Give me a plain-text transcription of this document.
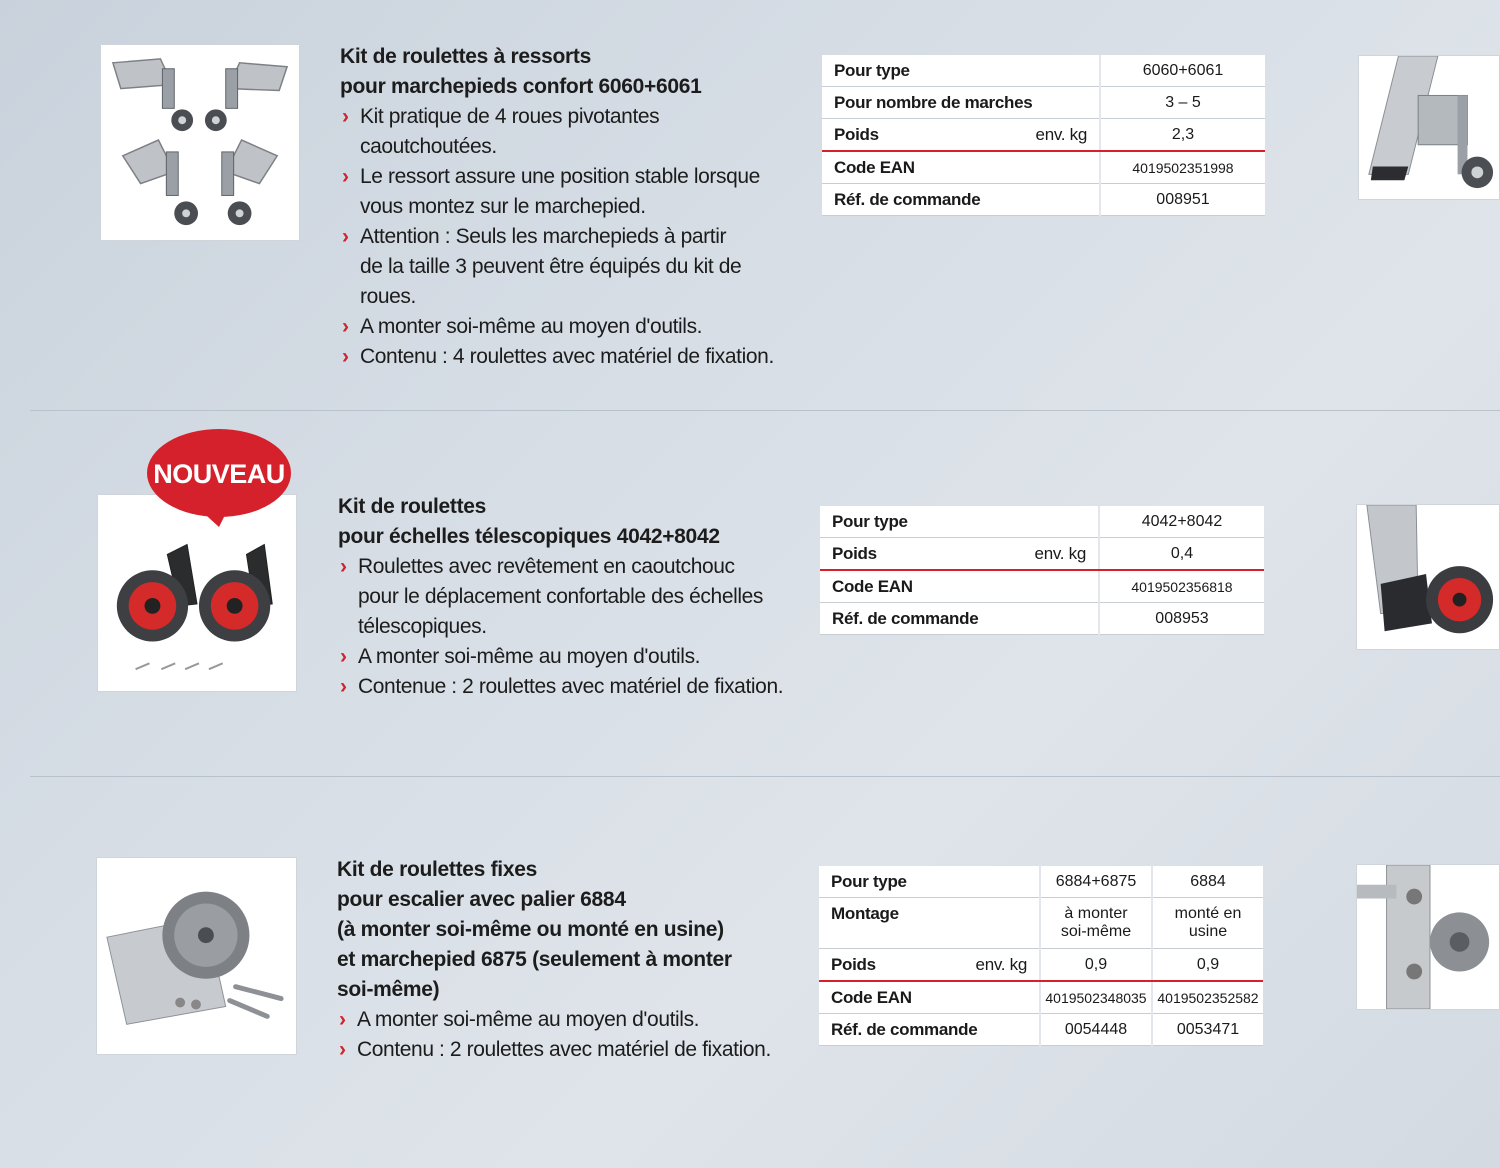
Kit de roulettes à ressorts
pour marchepieds confort 6060+6061
› Kit pratique de 4 roues pivotantes caoutchoutées.
› Le ressort assure une position stable lorsque
vous montez sur le marchepied.
› Attention : Seuls les marchepieds à partir
de la taille 3 peuvent être équipés du kit de roues.
› A monter soi-même au moyen d'outils.
› Contenu : 4 roulettes avec matériel de fixation.
Pour type	6060+6061
Pour nombre de marches	3 – 5
Poids env. kg	2,3
Code EAN	4019502351998
Réf. de commande	008951
NOUVEAU
Kit de roulettes
pour échelles télescopiques 4042+8042
› Roulettes avec revêtement en caoutchouc
pour le déplacement confortable des échelles
télescopiques.
› A monter soi-même au moyen d'outils.
› Contenue : 2 roulettes avec matériel de fixation.
Pour type	4042+8042
Poids env. kg	0,4
Code EAN	4019502356818
Réf. de commande	008953
Kit de roulettes fixes
pour escalier avec palier 6884
(à monter soi-même ou monté en usine)
et marchepied 6875 (seulement à monter
soi-même)
› A monter soi-même au moyen d'outils.
› Contenu : 2 roulettes avec matériel de fixation.
Pour type	6884+6875	6884
Montage	à monter soi-même	monté en usine
Poids env. kg	0,9	0,9
Code EAN	4019502348035	4019502352582
Réf. de commande	0054448	0053471
